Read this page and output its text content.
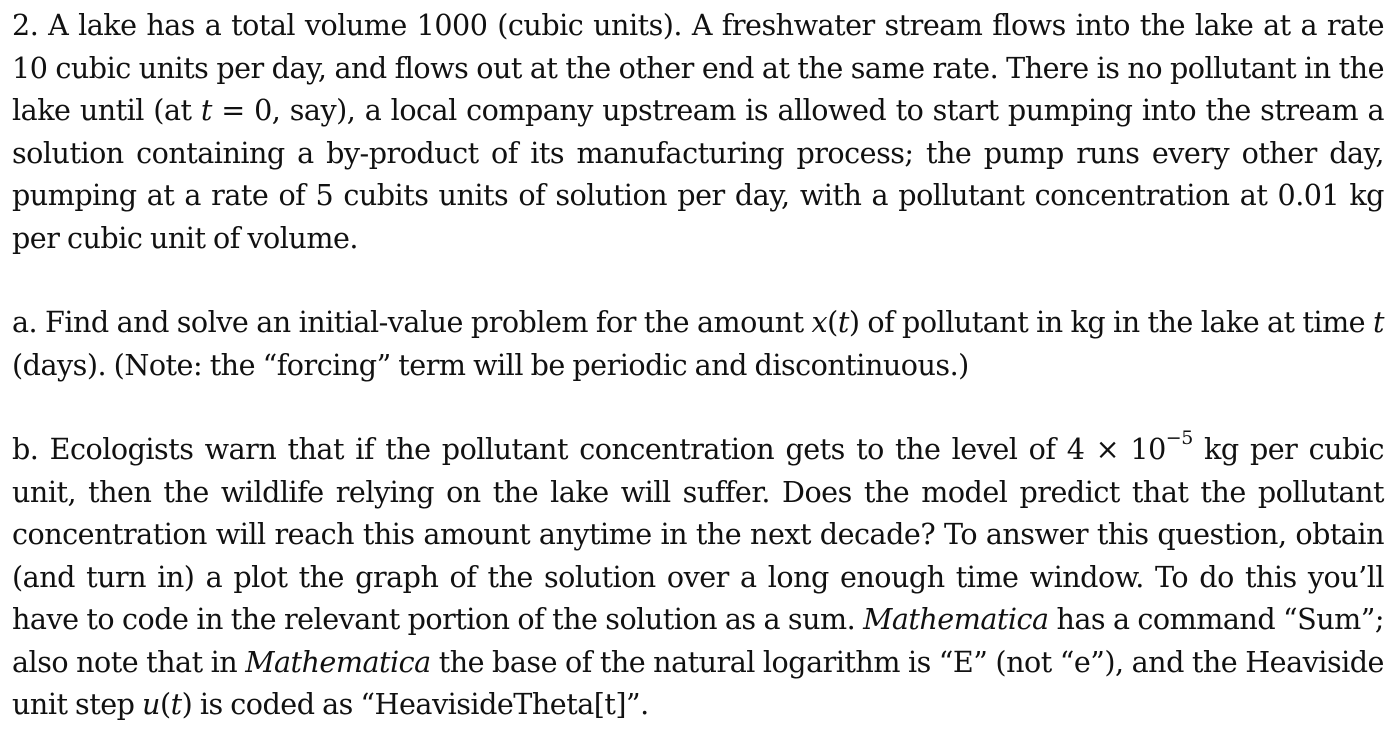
2. A lake has a total volume 1000 (cubic units). A freshwater stream flows into the lake at a rate 10 cubic units per day, and flows out at the other end at the same rate. There is no pollutant in the lake until (at t = 0, say), a local company upstream is allowed to start pumping into the stream a solution containing a by-product of its manufacturing process; the pump runs every other day, pumping at a rate of 5 cubits units of solution per day, with a pollutant concentration at 0.01 kg per cubic unit of volume.

a. Find and solve an initial-value problem for the amount x(t) of pollutant in kg in the lake at time t (days). (Note: the “forcing” term will be periodic and discontinuous.)

b. Ecologists warn that if the pollutant concentration gets to the level of $4 \times 10^{-5}$ kg per cubic unit, then the wildlife relying on the lake will suffer. Does the model predict that the pollutant concentration will reach this amount anytime in the next decade? To answer this question, obtain (and turn in) a plot the graph of the solution over a long enough time window. To do this you’ll have to code in the relevant portion of the solution as a sum. Mathematica has a command “Sum”; also note that in Mathematica the base of the natural logarithm is “E” (not “e”), and the Heaviside unit step u(t) is coded as “HeavisideTheta[t]”.
